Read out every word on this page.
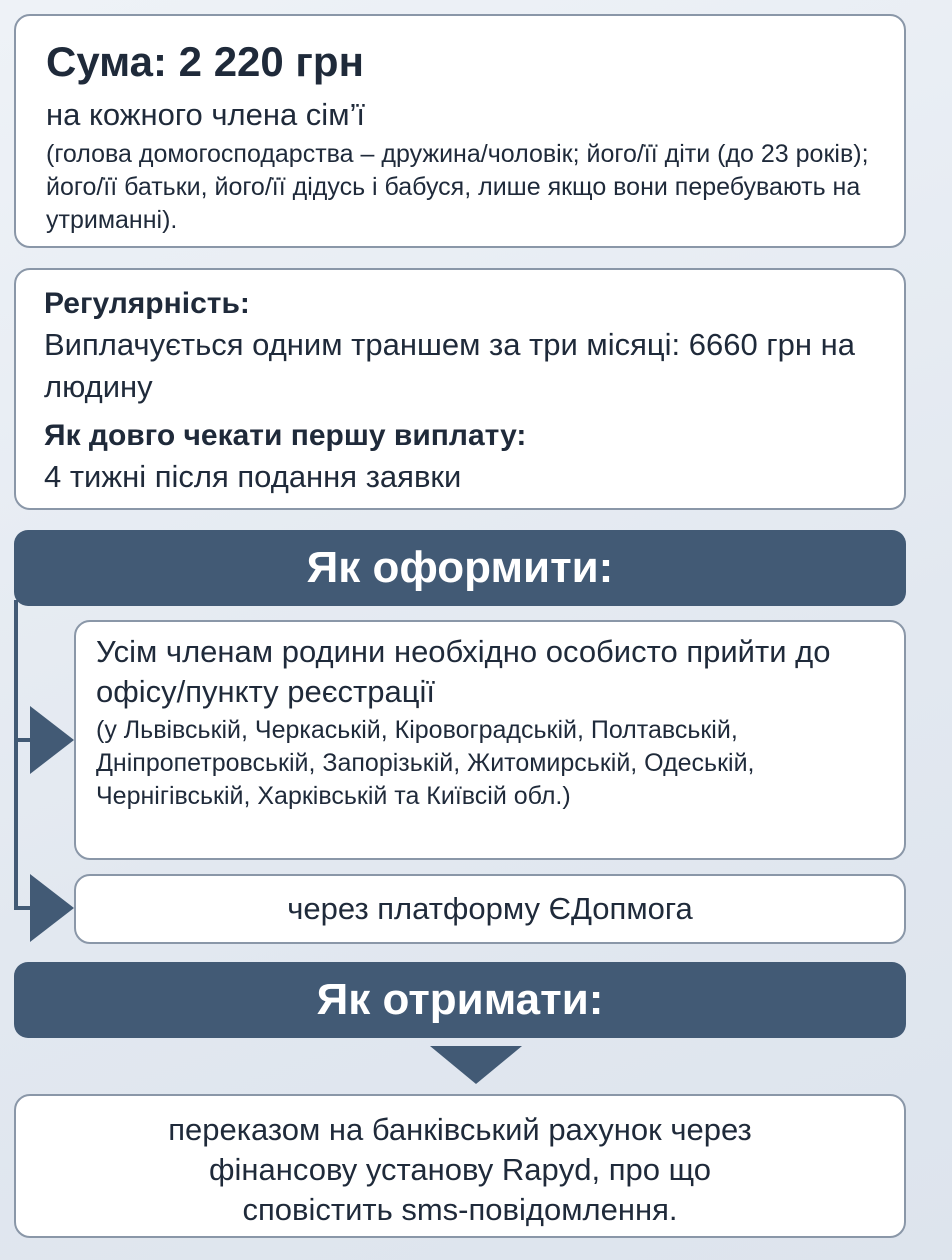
Сума: 2 220 грн
на кожного члена сім’ї
(голова домогосподарства – дружина/чоловік; його/її діти (до 23 років); його/її батьки, його/її дідусь і бабуся, лише якщо вони перебувають на утриманні).
Регулярність:
Виплачується одним траншем за три місяці: 6660 грн на людину
Як довго чекати першу виплату:
4 тижні після подання заявки
Як оформити:
Усім членам родини необхідно особисто прийти до офісу/пункту реєстрації
(у Львівській, Черкаській, Кіровоградській, Полтавській, Дніпропетровській, Запорізькій, Житомирській, Одеській, Чернігівській, Харківській та Київсій обл.)
через платформу ЄДопмога
Як отримати:
переказом на банківський рахунок через
фінансову установу Rapyd, про що
сповістить sms-повідомлення.
